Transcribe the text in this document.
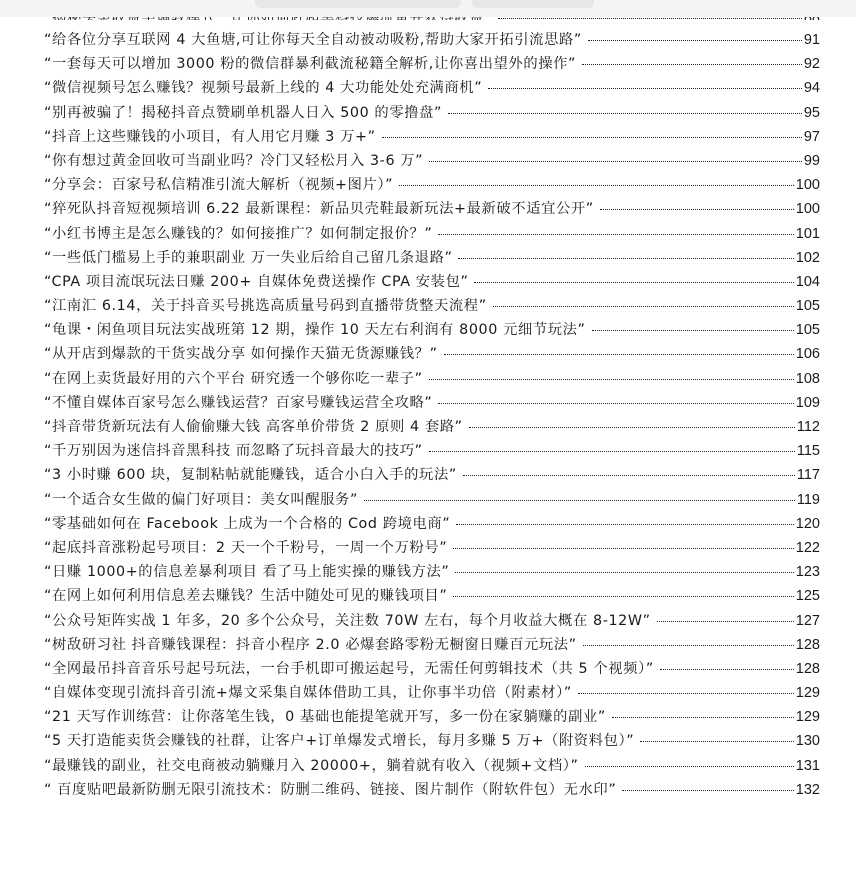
“给各位分享互联网 4 大鱼塘,可让你每天全自动被动吸粉,帮助大家开拓引流思路”	91
“一套每天可以增加 3000 粉的微信群暴利截流秘籍全解析,让你喜出望外的操作”	92
“微信视频号怎么赚钱？视频号最新上线的 4 大功能处处充满商机”	94
“别再被骗了！揭秘抖音点赞刷单机器人日入 500 的零撸盘”	95
“抖音上这些赚钱的小项目，有人用它月赚 3 万+”	97
“你有想过黄金回收可当副业吗？冷门又轻松月入 3-6 万”	99
“分享会：百家号私信精准引流大解析（视频+图片）”	100
“猝死队抖音短视频培训 6.22 最新课程：新品贝壳鞋最新玩法+最新破不适宜公开”	100
“小红书博主是怎么赚钱的？如何接推广？如何制定报价？”	101
“一些低门槛易上手的兼职副业 万一失业后给自己留几条退路”	102
“CPA 项目流氓玩法日赚 200+ 自媒体免费送操作 CPA 安装包”	104
“江南汇 6.14，关于抖音买号挑选高质量号码到直播带货整天流程”	105
“龟课・闲鱼项目玩法实战班第 12 期，操作 10 天左右利润有 8000 元细节玩法”	105
“从开店到爆款的干货实战分享 如何操作天猫无货源赚钱？”	106
“在网上卖货最好用的六个平台 研究透一个够你吃一辈子”	108
“不懂自媒体百家号怎么赚钱运营？百家号赚钱运营全攻略”	109
“抖音带货新玩法有人偷偷赚大钱 高客单价带货 2 原则 4 套路”	112
“千万别因为迷信抖音黑科技 而忽略了玩抖音最大的技巧”	115
“3 小时赚 600 块，复制粘帖就能赚钱，适合小白入手的玩法”	117
“一个适合女生做的偏门好项目：美女叫醒服务”	119
“零基础如何在 Facebook 上成为一个合格的 Cod 跨境电商”	120
“起底抖音涨粉起号项目：2 天一个千粉号，一周一个万粉号”	122
“日赚 1000+的信息差暴利项目 看了马上能实操的赚钱方法”	123
“在网上如何利用信息差去赚钱？生活中随处可见的赚钱项目”	125
“公众号矩阵实战 1 年多，20 多个公众号，关注数 70W 左右，每个月收益大概在 8-12W”	127
“树敌研习社 抖音赚钱课程：抖音小程序 2.0 必爆套路零粉无橱窗日赚百元玩法”	128
“全网最吊抖音音乐号起号玩法，一台手机即可搬运起号，无需任何剪辑技术（共 5 个视频）”	128
“自媒体变现引流抖音引流+爆文采集自媒体借助工具，让你事半功倍（附素材）”	129
“21 天写作训练营：让你落笔生钱，0 基础也能提笔就开写，多一份在家躺赚的副业”	129
“5 天打造能卖货会赚钱的社群，让客户+订单爆发式增长，每月多赚 5 万+（附资料包）”	130
“最赚钱的副业，社交电商被动躺赚月入 20000+，躺着就有收入（视频+文档）”	131
“ 百度贴吧最新防删无限引流技术：防删二维码、链接、图片制作（附软件包）无水印”	132
